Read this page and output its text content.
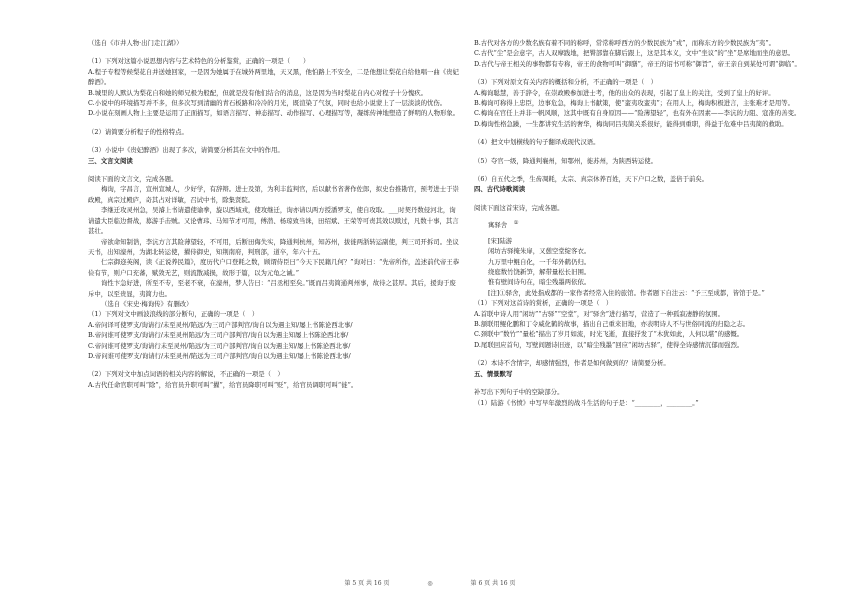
（选自《市井人物·出门走江湖》）

（1）下列对这篇小说思想内容与艺术特色的分析鉴赏，正确的一项是（　　）

A.程子专程等候梨花自并送她回家，一是因为她属于在城外两里地，天又黑，他怕路上不安全，二是他想让梨花自给他唱一曲《贵妃醉酒》。

B.城里的人默认为梨花自和她的师兄极为般配，但就是没有他们结合的消息，这是因为当时梨花自内心对程子十分愧疚。

C.小说中的环境描写并不多，但多次写到清幽的青石板路和冷冷的月光，既渲染了气氛，同时也给小说蒙上了一层淡淡的忧伤。

D.小说在刻画人物上主要是运用了正面描写，如语言描写、神态描写、动作描写、心理描写等，凝练传神地塑造了鲜明的人物形象。

（2）请简要分析程子的性格特点。

（3）小说中《贵妃醉酒》出现了多次，请简要分析其在文中的作用。

三、文言文阅读

阅读下面的文言文，完成各题。

梅询，字昌言，宣州宣城人，少好学，有辞辩。进士及第，为利丰监判官，后以献书省著作佐郎，拟史台推勘官，预考进士于崇政殿，真宗过殿庐，奇其占对详敏，召试中书，除集贤院。

李继迁攻灵州急，吴濬上书请遣使谕拳，旋以西域戎，使攻继迁，询亦请以两方授潘罗支，使自攻取。___时契丹数侵河北，询请遣大臣临边督战，募游手击贼。又论曹玮、马知节才可用，傅潜、杨琼致当诛，田绍斌、王荣等可责其效以赎过，凡数十事，其言甚壮。

帝欲命知制诰，李沆方言其险薄望轻，不可用，后断田侮失实，降通判杭州，知苏州，拔徙两浙转运副使，判三司开拆司。坐议天书，出知濠州，为湖北转运使，擢侍御史，知荆南府，判刑部，道卒，年六十五。

仁宗御迩英阁，读《正说养民篇》，度历代户口登耗之数，顾谓侍臣曰“今天下民籍几何？”询对曰：“先帝所作，盖述前代帝王恭俭有节，则户口充蕃，赋敛无艺，则流散减损，故形于篇，以为元龟之诫。”

询性卞急好进，所至不专，至老不衰，在濠州，梦人告曰：“吕丞相至矣。”既而吕夷简通判州事，故待之甚厚。其后，援询于废斥中，以至贵显，夷简力也。

（选自《宋史·梅询传》有删改）

（1）下列对文中画波浪线的部分断句，正确的一项是（　）

A.帝问译可使罗支/询请行/未至灵州/陷远/为三司户部判官/询自以为遇主知/屡上书陈论西北事/

B.帝问谁可使罗支/询请行/未至灵州陷远/为三司户部判官/询自以为遇主知屡上书陈论西北事/

C.帝问谁可使罗支/询请行未至灵州/陷远/为三司户部判官/询自以为遇主知/屡上书陈论西北事/

D.帝问谁可使罗支/询请行/未至灵州/陷远为三司户部判官/询自以为遇主知/屡上书陈论西北事/

（2）下列对文中加点词语的相关内容的解说，不正确的一项是（　）

A.古代任命官职可叫“除”，给官员升职可叫“擢”，给官员降职可叫“贬”，给官员调职可叫“徙”。

B.古代对各方的少数名族有着不同的称呼，常常称呼西方的少数民族为“戎”，而称东方的少数民族为“夷”。

C.古代“尘”是会意字，古人双摩践地，把臀部靠在脚后跟上，这是其本义，文中“坐议”的“坐”是席地而坐的意思。

D.古代与帝王相关的事物都有专称，帝王的食物可叫“御膳”，帝王的诏书可称“御旨”，帝王亲自到某处可谓“御临”。

（3）下列对原文有关内容的概括和分析，不正确的一项是（　）

A.梅询聪慧，善于辞令，在崇政殿参加进士考，他的出众的表现，引起了皇上的关注，受到了皇上的好评。

B.梅询可称得上忠臣，边事危急，梅询上书献策，使“蛮夷攻蛮夷”；在用人上，梅询积极进言，主张难才是用等。

C.梅询在官任上并非一帆风顺，这其中既有自身原因——“险薄望轻”，也有外在因素——李沆的力阻、寇准的善变。

D.梅询性格急躁，一生都讲究生活的奢华，梅询同吕夷简关系很好，能得到重职，得益于危难中吕夷简的救助。

（4）把文中划横线的句子翻译成现代汉语。

（5）夺官一级，降通判襄州，知鄂州，徙苏州，为陕西转运使。

（6）自五代之季，生齿凋耗，太宗、真宗休养百姓，天下户口之数，盖倍于前矣。

四、古代诗歌阅读

阅读下面这首宋诗，完成各题。

寓驿舍　 ①

[宋]陆游

闲坊古驿掩朱扉，又憩空堂绽客衣。

九万里中鲲自化，一千年外鹤仍归。

绕庭数竹饶新笋，解带量松长旧围。

惟有壁间诗句在，暗尘残墨两依依。

[注]①驿舍，此处指成都的一家作者经常入住的旅馆。作者题下自注云：“予三至成都，皆馆于是。”

（1）下列对这首诗的赏析，正确的一项是（　）

A.首联中诗人用“闲坊”“古驿”“空堂”，对“驿舍”进行描写，营造了一种孤寂凄静的氛围。

B.颔联用鲲化鹏和丁令威化鹤的故事，描出自己重来旧地，亦表明诗人不与世俗同流的归隐之志。

C.颈联中“数竹”“量松”描出了岁月如流，时光飞逝，直接抒发了“木犹如此，人何以堪”的感慨。

D.尾联回应首句，写壁间题诗旧迹，以“暗尘残墨”回应“闲坊古驿”，使得全诗感情沉郁而强烈。

（2）本诗不含情字，却感情强烈，作者是如何做到的？请简要分析。

五、情景默写

补写出下列句子中的空缺部分。

（1）陆游《书愤》中写早年激烈的战斗生活的句子是：“________，________。”

第 5 页 共 16 页	◎	第 6 页 共 16 页
